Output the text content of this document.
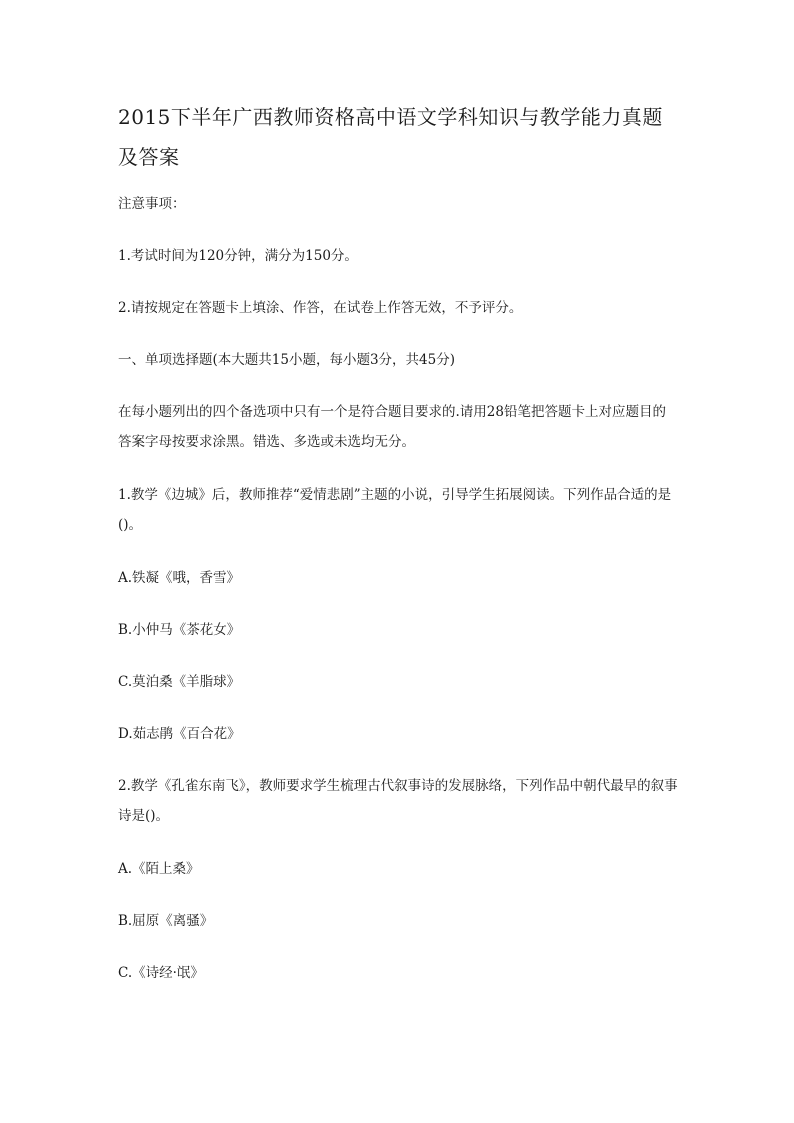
2015下半年广西教师资格高中语文学科知识与教学能力真题及答案

注意事项：

1.考试时间为120分钟，满分为150分。

2.请按规定在答题卡上填涂、作答，在试卷上作答无效，不予评分。

一、单项选择题(本大题共15小题，每小题3分，共45分)

在每小题列出的四个备选项中只有一个是符合题目要求的.请用28铅笔把答题卡上对应题目的答案字母按要求涂黑。错选、多选或未选均无分。

1.教学《边城》后，教师推荐“爱情悲剧”主题的小说，引导学生拓展阅读。下列作品合适的是()。

A.铁凝《哦，香雪》

B.小仲马《茶花女》

C.莫泊桑《羊脂球》

D.茹志鹃《百合花》

2.教学《孔雀东南飞》，教师要求学生梳理古代叙事诗的发展脉络，下列作品中朝代最早的叙事诗是()。

A.《陌上桑》

B.屈原《离骚》

C.《诗经·氓》
